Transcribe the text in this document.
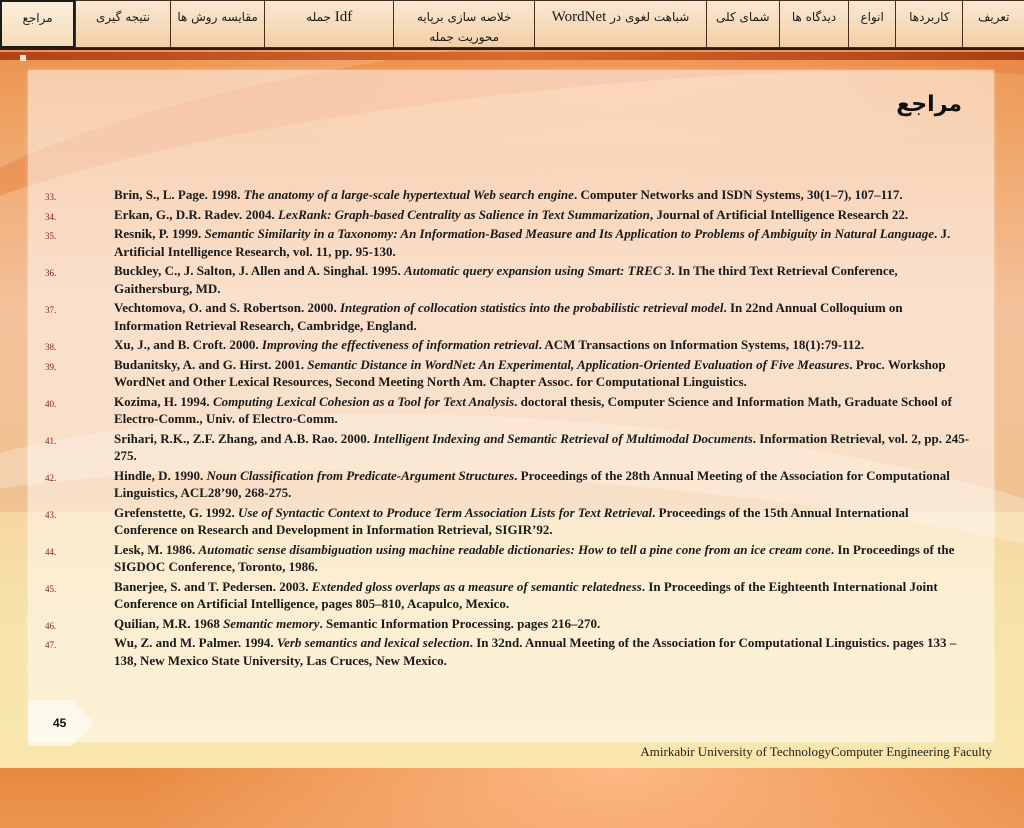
تعریف
کاربردها
انواع
دیدگاه ها
شمای کلی
شباهت لغوی در WordNet
خلاصه سازی برپایه محوریت جمله
Idf جمله
مقایسه روش ها
نتیجه گیری
مراجع
مراجع
33.	Brin, S., L. Page. 1998. The anatomy of a large-scale hypertextual Web search engine. Computer Networks and ISDN Systems, 30(1–7), 107–117.
34.	Erkan, G., D.R. Radev. 2004. LexRank: Graph-based Centrality as Salience in Text Summarization, Journal of Artificial Intelligence Research 22.
35.	Resnik, P. 1999. Semantic Similarity in a Taxonomy: An Information-Based Measure and Its Application to Problems of Ambiguity in Natural Language. J. Artificial Intelligence Research, vol. 11, pp. 95-130.
36.	Buckley, C., J. Salton, J. Allen and A. Singhal. 1995. Automatic query expansion using Smart: TREC 3. In The third Text Retrieval Conference, Gaithersburg, MD.
37.	Vechtomova, O. and S. Robertson. 2000. Integration of collocation statistics into the probabilistic retrieval model. In 22nd Annual Colloquium on Information Retrieval Research, Cambridge, England.
38.	Xu, J., and B. Croft. 2000. Improving the effectiveness of information retrieval. ACM Transactions on Information Systems, 18(1):79-112.
39.	Budanitsky, A. and G. Hirst. 2001. Semantic Distance in WordNet: An Experimental, Application-Oriented Evaluation of Five Measures. Proc. Workshop WordNet and Other Lexical Resources, Second Meeting North Am. Chapter Assoc. for Computational Linguistics.
40.	Kozima, H. 1994. Computing Lexical Cohesion as a Tool for Text Analysis. doctoral thesis, Computer Science and Information Math, Graduate School of Electro-Comm., Univ. of Electro-Comm.
41.	Srihari, R.K., Z.F. Zhang, and A.B. Rao. 2000. Intelligent Indexing and Semantic Retrieval of Multimodal Documents. Information Retrieval, vol. 2, pp. 245-275.
42.	Hindle, D. 1990. Noun Classification from Predicate-Argument Structures. Proceedings of the 28th Annual Meeting of the Association for Computational Linguistics, ACL28’90, 268-275.
43.	Grefenstette, G. 1992. Use of Syntactic Context to Produce Term Association Lists for Text Retrieval. Proceedings of the 15th Annual International Conference on Research and Development in Information Retrieval, SIGIR’92.
44.	Lesk, M. 1986. Automatic sense disambiguation using machine readable dictionaries: How to tell a pine cone from an ice cream cone. In Proceedings of the SIGDOC Conference, Toronto, 1986.
45.	Banerjee, S. and T. Pedersen. 2003. Extended gloss overlaps as a measure of semantic relatedness. In Proceedings of the Eighteenth International Joint Conference on Artificial Intelligence, pages 805–810, Acapulco, Mexico.
46.	Quilian, M.R. 1968 Semantic memory. Semantic Information Processing. pages 216–270.
47.	Wu, Z. and M. Palmer. 1994. Verb semantics and lexical selection. In 32nd. Annual Meeting of the Association for Computational Linguistics. pages 133 –138, New Mexico State University, Las Cruces, New Mexico.
45
Amirkabir University of TechnologyComputer Engineering Faculty
